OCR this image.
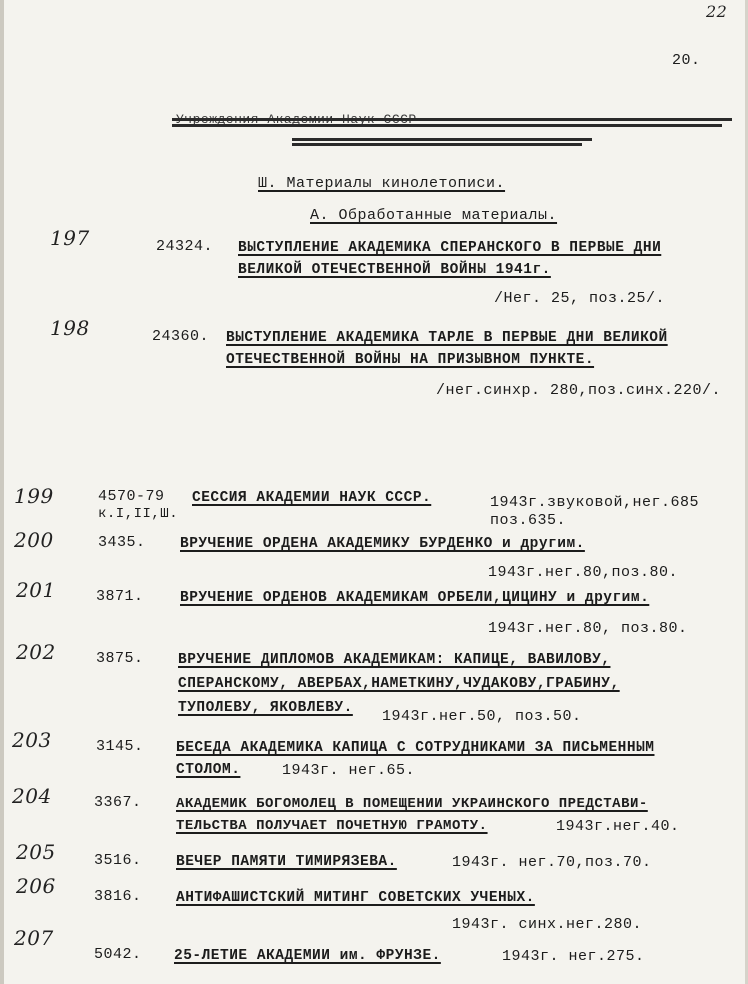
22
20.
Ш. Материалы кинолетописи.
А. Обработанные материалы.
197	24324. ВЫСТУПЛЕНИЕ АКАДЕМИКА СПЕРАНСКОГО В ПЕРВЫЕ ДНИ
ВЕЛИКОЙ ОТЕЧЕСТВЕННОЙ ВОЙНЫ 1941г.
/Нег. 25, поз.25/.
198	24360. ВЫСТУПЛЕНИЕ АКАДЕМИКА ТАРЛЕ В ПЕРВЫЕ ДНИ ВЕЛИКОЙ
ОТЕЧЕСТВЕННОЙ ВОЙНЫ НА ПРИЗЫВНОМ ПУНКТЕ.
/нег.синхр. 280,поз.синх.220/.
199	4570-79
к.I,II,Ш.
СЕССИЯ АКАДЕМИИ НАУК СССР.	1943г.звуковой,нег.685
поз.635.
200	3435. ВРУЧЕНИЕ ОРДЕНА АКАДЕМИКУ БУРДЕНКО и другим.
1943г.нег.80,поз.80.
201	3871.	ВРУЧЕНИЕ ОРДЕНОВ АКАДЕМИКАМ ОРБЕЛИ,ЦИЦИНУ и другим.
1943г.нег.80, поз.80.
202	3875. ВРУЧЕНИЕ ДИПЛОМОВ АКАДЕМИКАМ: КАПИЦЕ, ВАВИЛОВУ,
СПЕРАНСКОМУ, АВЕРБАХ,НАМЕТКИНУ,ЧУДАКОВУ,ГРАБИНУ,
ТУПОЛЕВУ, ЯКОВЛЕВУ. 1943г.нег.50, поз.50.
203	3145. БЕСЕДА АКАДЕМИКА КАПИЦА С СОТРУДНИКАМИ ЗА ПИСЬМЕННЫМ
СТОЛОМ.	1943г. нег.65.
204	3367. АКАДЕМИК БОГОМОЛЕЦ В ПОМЕЩЕНИИ УКРАИНСКОГО ПРЕДСТАВИ-
ТЕЛЬСТВА ПОЛУЧАЕТ ПОЧЕТНУЮ ГРАМОТУ.	1943г.нег.40.
205	3516. ВЕЧЕР ПАМЯТИ ТИМИРЯЗЕВА.	1943г. нег.70,поз.70.
206	3816. АНТИФАШИСТСКИЙ МИТИНГ СОВЕТСКИХ УЧЕНЫХ.
1943г. синх.нег.280.
207
5042. 25-ЛЕТИЕ АКАДЕМИИ им. ФРУНЗЕ.	1943г. нег.275.
